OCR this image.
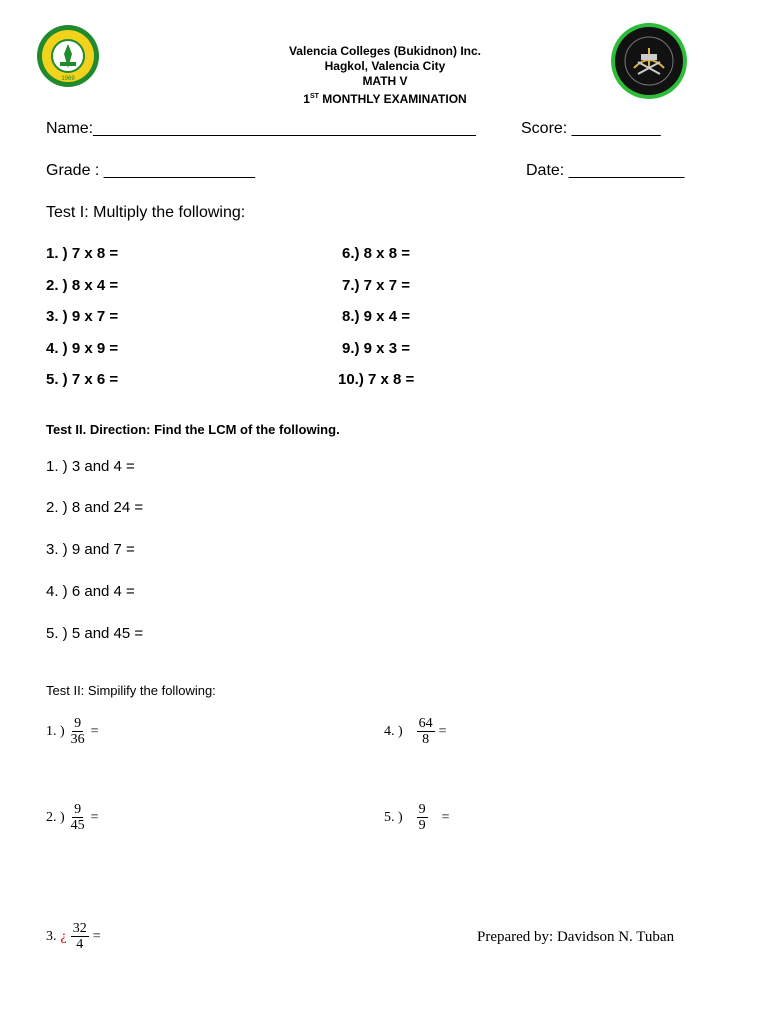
1969
Valencia Colleges (Bukidnon) Inc.
Hagkol, Valencia City
MATH V
1ST MONTHLY EXAMINATION
Name:___________________________________________	Score: __________
Grade : _________________	Date: _____________
Test I: Multiply the following:
1. ) 7 x 8 =
2. ) 8 x 4 =
3. ) 9 x 7 =
4. ) 9 x 9 =
5. ) 7 x 6 =
6.) 8 x 8 =
7.) 7 x 7 =
8.) 9 x 4 =
9.) 9 x 3 =
10.) 7 x 8 =
Test II. Direction: Find the LCM of the following.
1. ) 3 and 4 =
2. ) 8 and 24 =
3. ) 9 and 7 =
4. ) 6 and 4 =
5. ) 5 and 45 =
Test II: Simpilify the following:
1. ) $\frac{9}{36}$ =	4. ) $\frac{64}{8}$ =
2. ) $\frac{9}{45}$ =	5. ) $\frac{9}{9}$ =
3. ¿ $\frac{32}{4}$ =	Prepared by: Davidson N. Tuban
